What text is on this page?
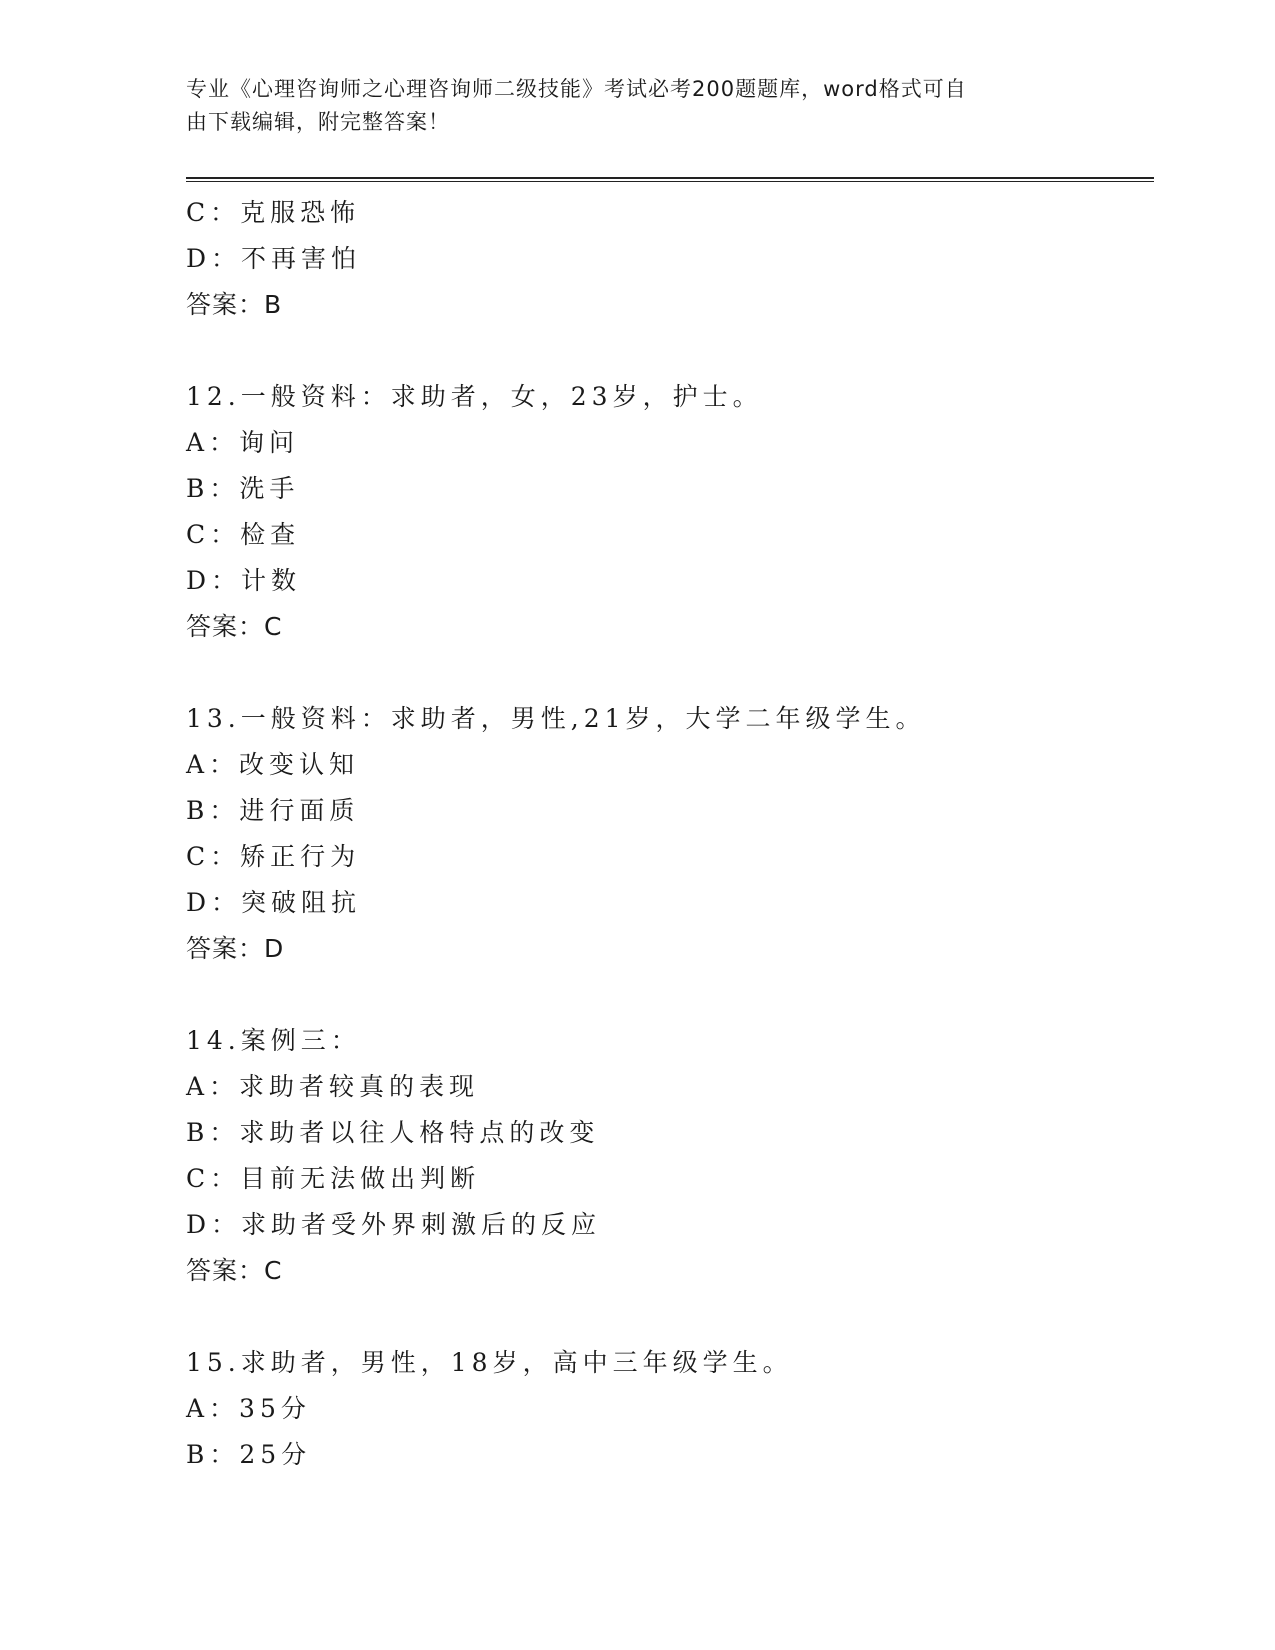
专业《心理咨询师之心理咨询师二级技能》考试必考200题题库，word格式可自
由下载编辑，附完整答案！
C：克服恐怖
D：不再害怕
答案：B
12.一般资料：求助者，女，23岁，护士。
A：询问
B：洗手
C：检查
D：计数
答案：C
13.一般资料：求助者，男性,21岁，大学二年级学生。
A：改变认知
B：进行面质
C：矫正行为
D：突破阻抗
答案：D
14.案例三：
A：求助者较真的表现
B：求助者以往人格特点的改变
C：目前无法做出判断
D：求助者受外界刺激后的反应
答案：C
15.求助者，男性，18岁，高中三年级学生。
A：35分
B：25分
